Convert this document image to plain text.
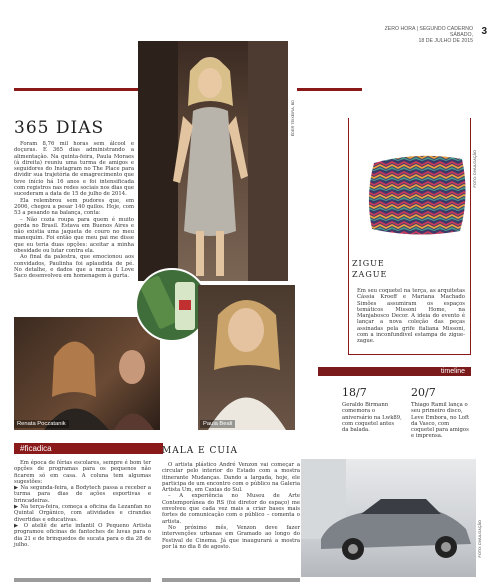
ZERO HORA | SEGUNDO CADERNO
SÁBADO,
18 DE JULHO DE 2015
3
ÉDER TEIXEIRA, BD
365 DIAS

Foram 8,76 mil horas sem álcool e doçuras. E 365 dias administrando a alimentação. Na quinta-feira, Paula Moraes (à direita) reuniu uma turma de amigos e seguidores do Instagram no The Place para dividir sua trajetória de emagrecimento que teve início há 16 anos e foi intensificada com registros nas redes sociais nos dias que sucederam a data de 15 de julho de 2014.

Ela relembrou sem pudores que, em 2006, chegou a pesar 140 quilos. Hoje, com 53 a pesando na balança, conta:

– Não cozia roupa para quem é muito gorda no Brasil. Estava em Buenos Aires e não existia uma jaqueta de couro no meu manequim. Foi então que meu pai me disse que eu teria duas opções: aceitar a minha obesidade ou lutar contra ela.

Ao final da palestra, que emocionou aos convidados, Paulinha foi aplaudida de pé. No detalhe, e dados que a marca I Love Saco desenvolveu em homenagem à gurta.

Renata Poczatanik	Paula Beali
FOTO: DIVULGAÇÃO
ZIGUE
ZAGUE
Em seu coquetel na terça, as arquitetas Cássia Kroeff e Mariana Machado Simões assumiram os espaços temáticos Missoni Home, na Manjabosco Decor. A ideia do evento é lançar a nova coleção das peças assinadas pela grife italiana Missoni, com a inconfundível estampa de zigue-zague.
timeline
18/7
Geraldo Birmann comemora o aniversário na Lwk89, com coquetel antes da balada.
20/7
Thiago Ramil lança o seu primeiro disco, Leve Embora, no Loft da Vasco, com coquetel para amigos e imprensa.
#ficadica

Em época de férias escolares, sempre é bom ter opções de programas para os pequenos não ficarem só em casa. A coluna tem algumas sugestões:

▶ Na segunda-feira, a Bodytech passa a receber a turma para dias de ações esportivas e brincadeiras.

▶ Na terça-feira, começa a oficina da Lezanfan no Quintal Orgânico, com atividades e cirandas divertidas e educativas.

▶ O ateliê de arte infantil O Pequeno Artista programou oficinas de fantoches de luvas para o dia 21 e de brinquedos de sucata para o dia 28 de julho.

MALA E CUIA

O artista plástico André Venzon vai começar a circular pelo interior do Estado com a mostra itinerante Mudanças. Dando a largada, hoje, ele participa de um encontro com o público na Galeria Artista Um, em Caxias do Sul.

– A experiência no Museu de Arte Contemporânea do RS (foi diretor do espaço) me envolveu que cada vez mais a criar bases mais fortes de comunicação com o público – comenta o artista.

No próximo mês, Venzon deve fazer intervenções urbanas em Gramado ao longo do Festival de Cinema. Já que inaugurará a mostra por lá no dia 8 de agosto.	FOTO: DIVULGAÇÃO
